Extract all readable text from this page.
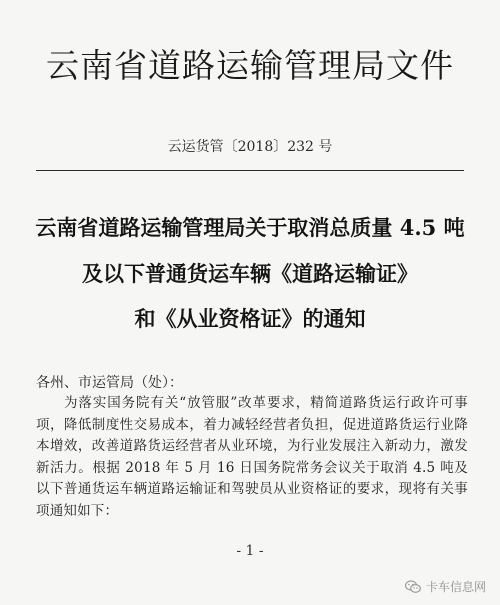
云南省道路运输管理局文件
云运货管〔2018〕232 号
云南省道路运输管理局关于取消总质量 4.5 吨
及以下普通货运车辆《道路运输证》
和《从业资格证》的通知
各州、市运管局（处）：
为落实国务院有关“放管服”改革要求，精简道路货运行政许可事项，降低制度性交易成本，着力减轻经营者负担，促进道路货运行业降本增效，改善道路货运经营者从业环境，为行业发展注入新动力，激发新活力。根据 2018 年 5 月 16 日国务院常务会议关于取消 4.5 吨及以下普通货运车辆道路运输证和驾驶员从业资格证的要求，现将有关事项通知如下：
- 1 -
卡车信息网
